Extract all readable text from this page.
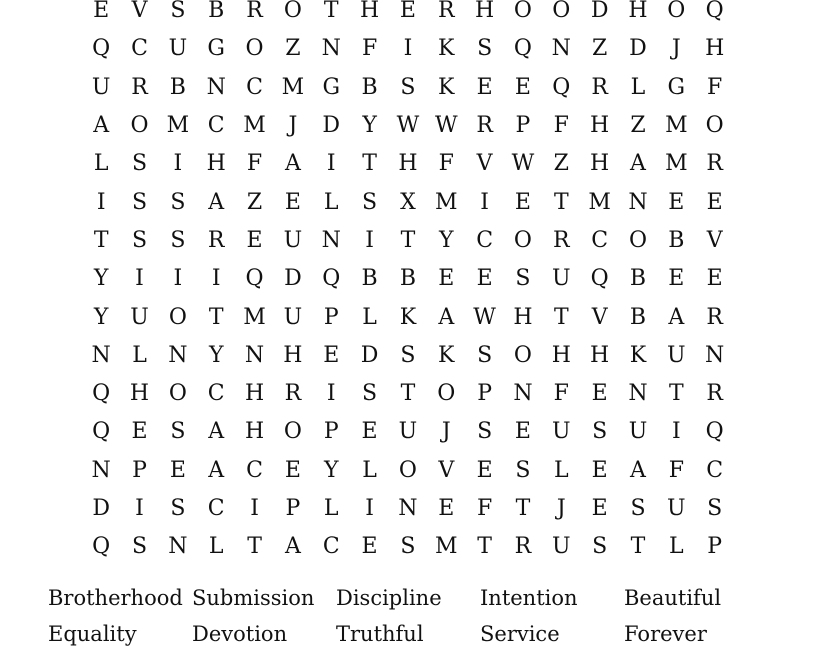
E	V	S	B R O T H E	R H O O D H O Q
Q C U G O Z N F	I	K	S Q N Z D	J	H
U R B N C M G B	S	K	E	E Q R	L	G F
A O M C M	J	D	Y W W R	P	F H Z M O
L	S	I	H F	A	I	T H F	V W Z H A M R
I	S	S	A	Z	E	L	S	X M	I	E	T M N E	E
T	S	S	R	E U N	I	T	Y	C O R C O B	V
Y	I	I	I	Q D Q B	B	E	E	S U Q B	E	E
Y U O T M U P	L	K	A W H T	V	B	A	R
N L N Y N H E D S	K	S O H H K U N
Q H O C H R	I	S	T O P N F	E N T	R
Q E	S	A H O P	E U	J	S	E U S U	I	Q
N P	E	A C E	Y	L	O V	E	S	L	E	A	F	C
D	I	S	C	I	P	L	I	N E	F	T	J	E	S U S
Q S N L	T	A C E	S M T	R U S	T	L	P
Brotherhood Submission	Discipline	Intention	Beautiful
Equality	Devotion	Truthful	Service	Forever
